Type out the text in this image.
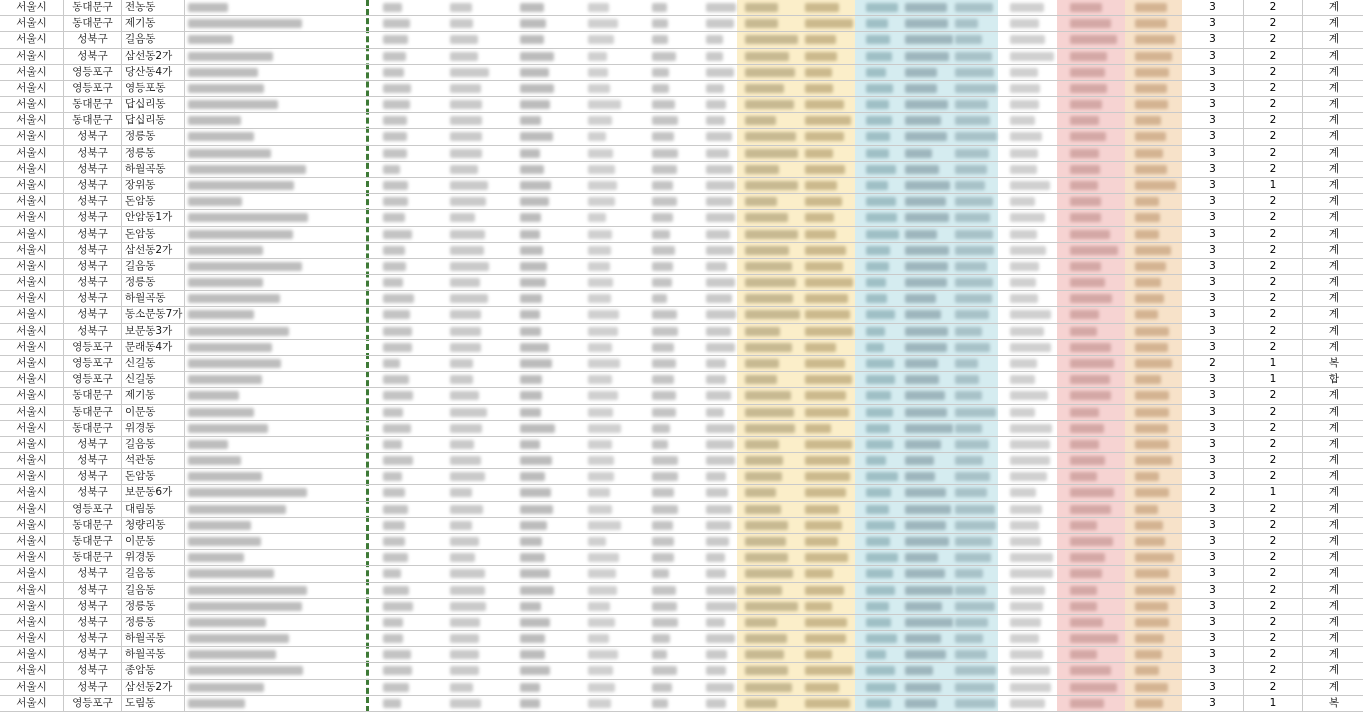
서울시	동대문구	전농동	3	2	계
서울시	동대문구	제기동	3	2	계
서울시	성북구	길음동	3	2	계
서울시	성북구	삼선동2가	3	2	계
서울시	영등포구	당산동4가	3	2	계
서울시	영등포구	영등포동	3	2	계
서울시	동대문구	답십리동	3	2	계
서울시	동대문구	답십리동	3	2	계
서울시	성북구	정릉동	3	2	계
서울시	성북구	정릉동	3	2	계
서울시	성북구	하월곡동	3	2	계
서울시	성북구	장위동	3	1	계
서울시	성북구	돈암동	3	2	계
서울시	성북구	안암동1가	3	2	계
서울시	성북구	돈암동	3	2	계
서울시	성북구	삼선동2가	3	2	계
서울시	성북구	길음동	3	2	계
서울시	성북구	정릉동	3	2	계
서울시	성북구	하월곡동	3	2	계
서울시	성북구	동소문동7가	3	2	계
서울시	성북구	보문동3가	3	2	계
서울시	영등포구	문래동4가	3	2	계
서울시	영등포구	신길동	2	1	복
서울시	영등포구	신길동	3	1	합
서울시	동대문구	제기동	3	2	계
서울시	동대문구	이문동	3	2	계
서울시	동대문구	위경동	3	2	계
서울시	성북구	길음동	3	2	계
서울시	성북구	석관동	3	2	계
서울시	성북구	돈암동	3	2	계
서울시	성북구	보문동6가	2	1	계
서울시	영등포구	대림동	3	2	계
서울시	동대문구	청량리동	3	2	계
서울시	동대문구	이문동	3	2	계
서울시	동대문구	위경동	3	2	계
서울시	성북구	길음동	3	2	계
서울시	성북구	길음동	3	2	계
서울시	성북구	정릉동	3	2	계
서울시	성북구	정릉동	3	2	계
서울시	성북구	하월곡동	3	2	계
서울시	성북구	하월곡동	3	2	계
서울시	성북구	종암동	3	2	계
서울시	성북구	삼선동2가	3	2	계
서울시	영등포구	도림동	3	1	복
